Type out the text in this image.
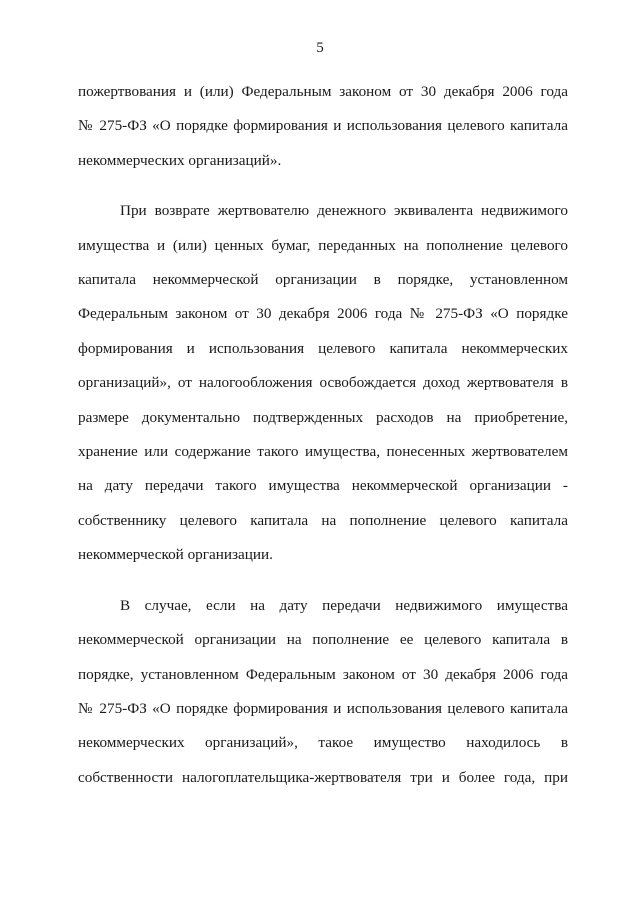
5

пожертвования и (или) Федеральным законом от 30 декабря 2006 года
№ 275-ФЗ «О порядке формирования и использования целевого капитала
некоммерческих организаций».

При возврате жертвователю денежного эквивалента недвижимого
имущества и (или) ценных бумаг, переданных на пополнение целевого
капитала некоммерческой организации в порядке, установленном
Федеральным законом от 30 декабря 2006 года № 275-ФЗ «О порядке
формирования и использования целевого капитала некоммерческих
организаций», от налогообложения освобождается доход жертвователя в
размере документально подтвержденных расходов на приобретение,
хранение или содержание такого имущества, понесенных жертвователем
на дату передачи такого имущества некоммерческой организации -
собственнику целевого капитала на пополнение целевого капитала
некоммерческой организации.

В случае, если на дату передачи недвижимого имущества
некоммерческой организации на пополнение ее целевого капитала в
порядке, установленном Федеральным законом от 30 декабря 2006 года
№ 275-ФЗ «О порядке формирования и использования целевого капитала
некоммерческих организаций», такое имущество находилось в
собственности налогоплательщика-жертвователя три и более года, при
